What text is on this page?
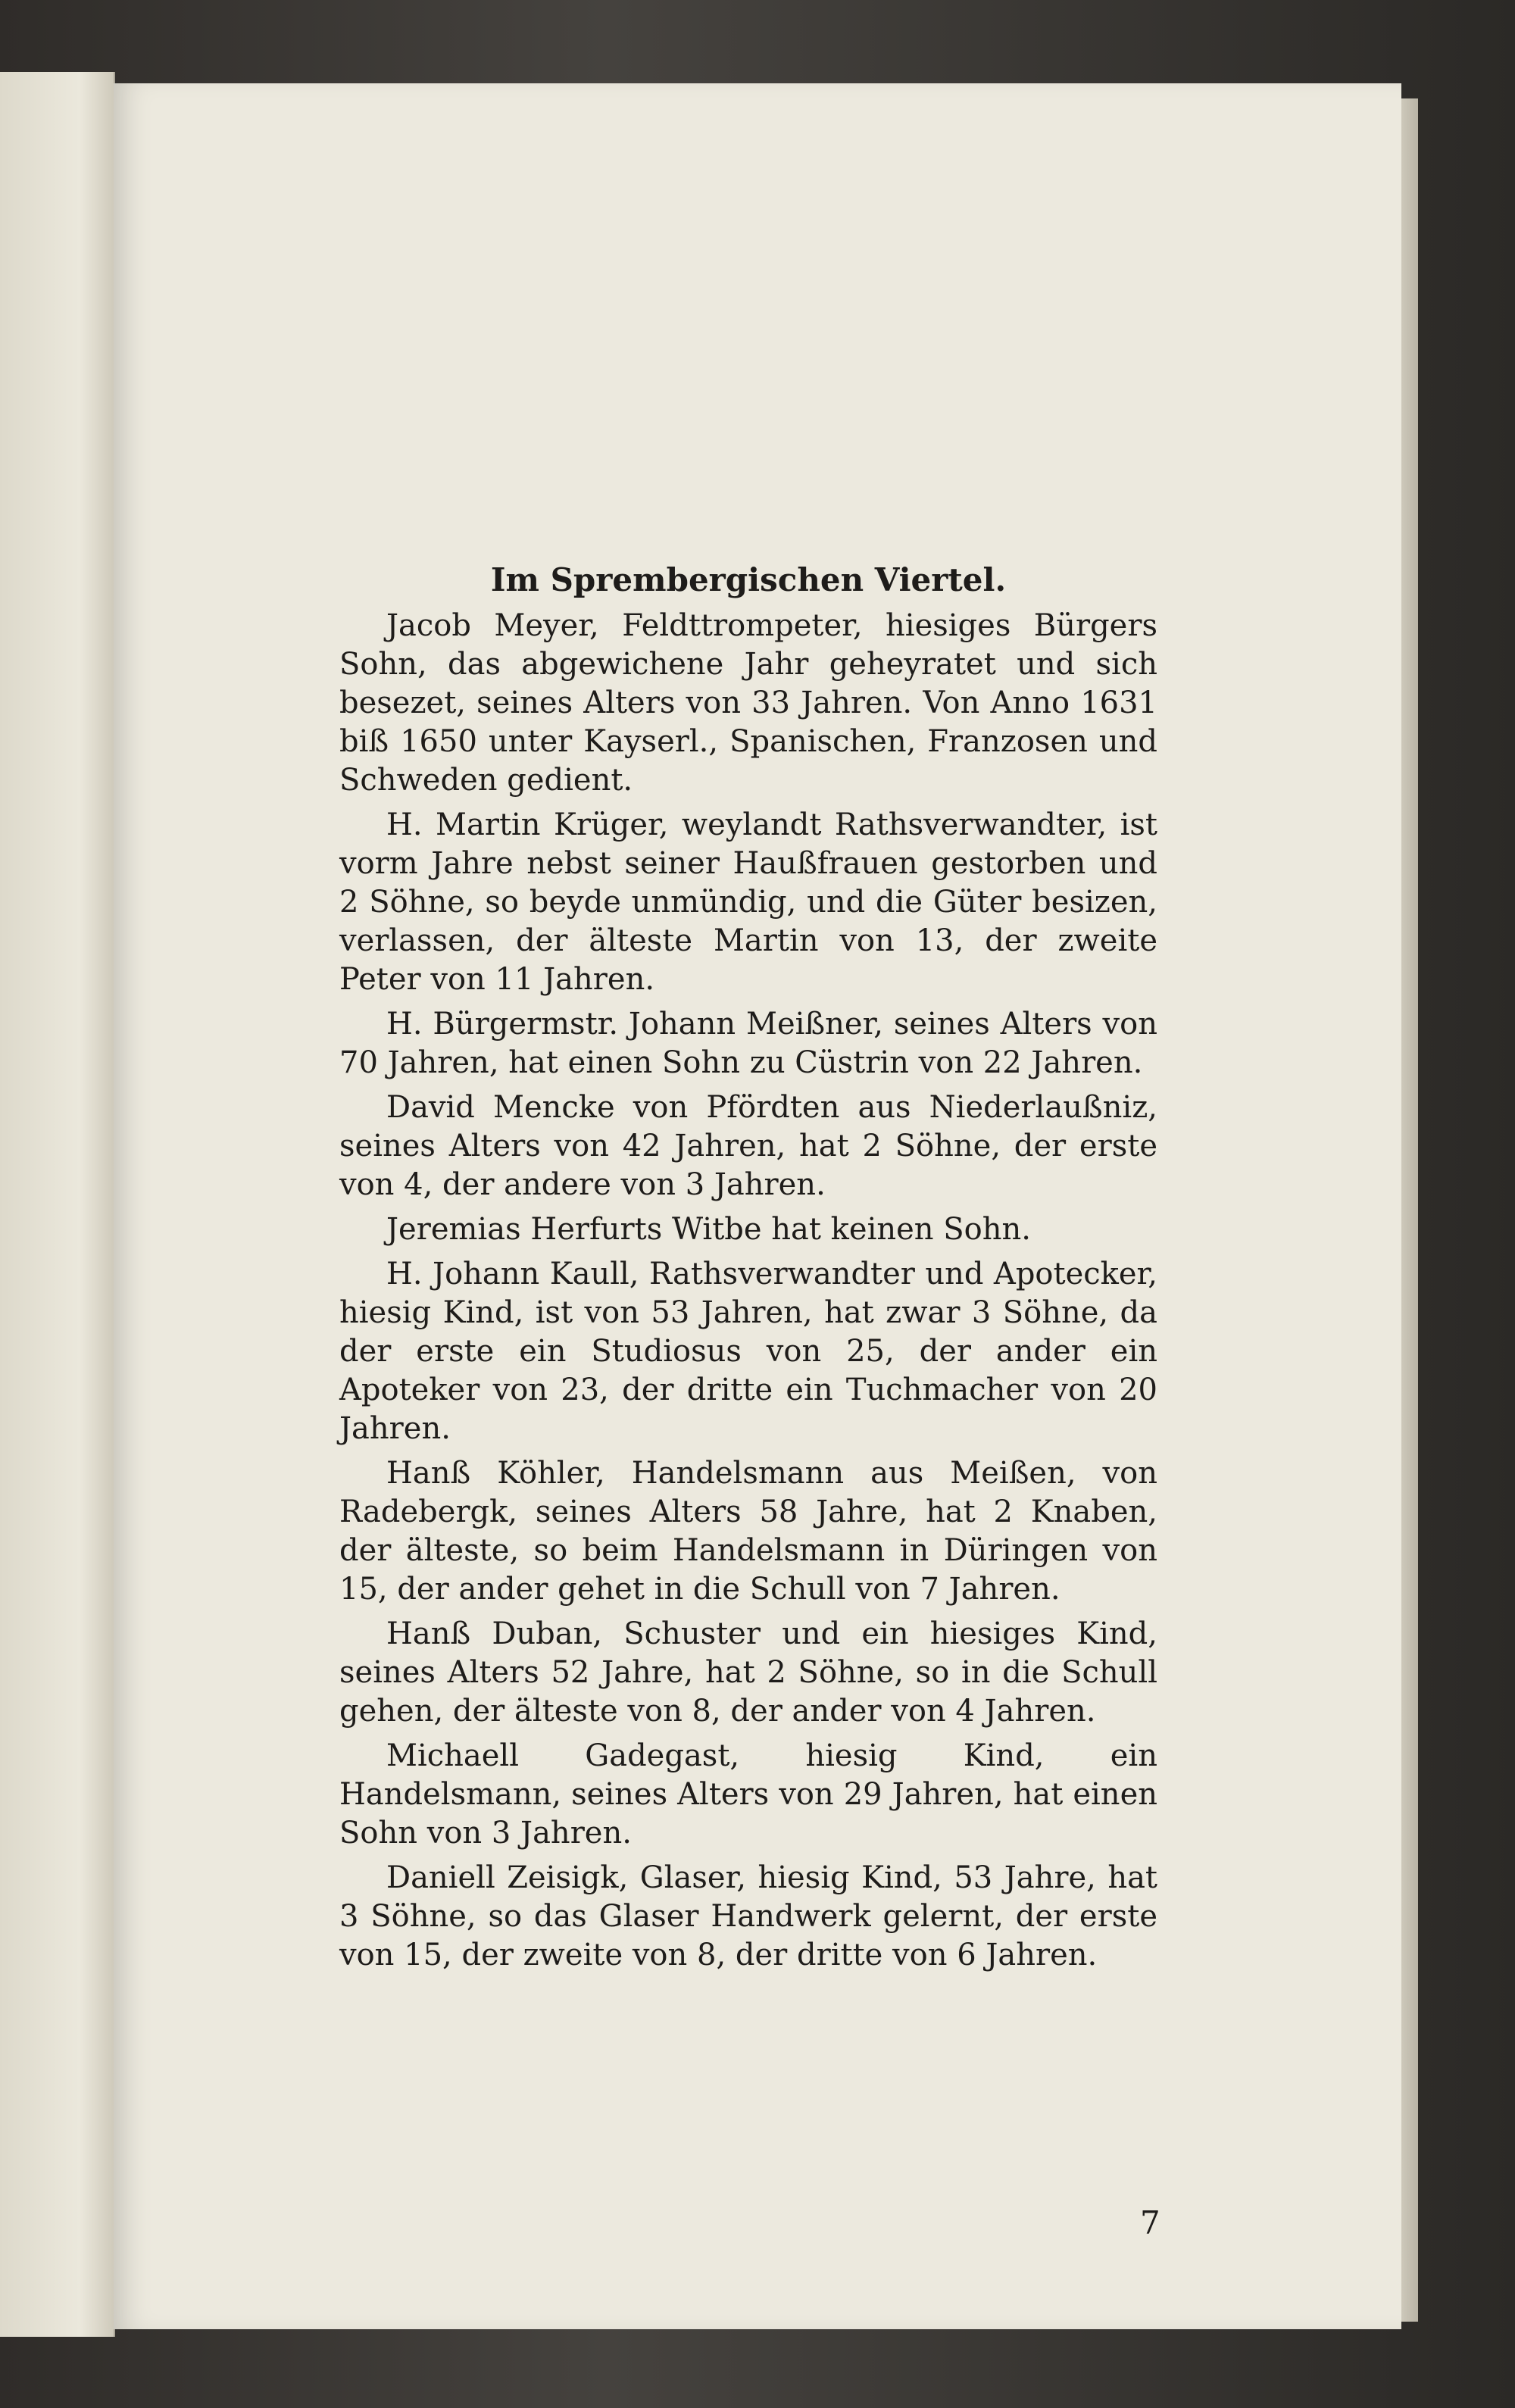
Im Sprembergischen Viertel.

Jacob Meyer, Feldttrompeter, hiesiges Bürgers Sohn, das abgewichene Jahr geheyratet und sich besezet, seines Alters von 33 Jahren. Von Anno 1631 biß 1650 unter Kayserl., Spanischen, Franzosen und Schweden gedient.

H. Martin Krüger, weylandt Rathsverwandter, ist vorm Jahre nebst seiner Haußfrauen gestorben und 2 Söhne, so beyde unmündig, und die Güter besizen, verlassen, der älteste Martin von 13, der zweite Peter von 11 Jahren.

H. Bürgermstr. Johann Meißner, seines Alters von 70 Jahren, hat einen Sohn zu Cüstrin von 22 Jahren.

David Mencke von Pfördten aus Niederlaußniz, seines Alters von 42 Jahren, hat 2 Söhne, der erste von 4, der andere von 3 Jahren.

Jeremias Herfurts Witbe hat keinen Sohn.

H. Johann Kaull, Rathsverwandter und Apotecker, hiesig Kind, ist von 53 Jahren, hat zwar 3 Söhne, da der erste ein Studiosus von 25, der ander ein Apoteker von 23, der dritte ein Tuchmacher von 20 Jahren.

Hanß Köhler, Handelsmann aus Meißen, von Radebergk, seines Alters 58 Jahre, hat 2 Knaben, der älteste, so beim Handelsmann in Düringen von 15, der ander gehet in die Schull von 7 Jahren.

Hanß Duban, Schuster und ein hiesiges Kind, seines Alters 52 Jahre, hat 2 Söhne, so in die Schull gehen, der älteste von 8, der ander von 4 Jahren.

Michaell Gadegast, hiesig Kind, ein Handelsmann, seines Alters von 29 Jahren, hat einen Sohn von 3 Jahren.

Daniell Zeisigk, Glaser, hiesig Kind, 53 Jahre, hat 3 Söhne, so das Glaser Handwerk gelernt, der erste von 15, der zweite von 8, der dritte von 6 Jahren.

7
